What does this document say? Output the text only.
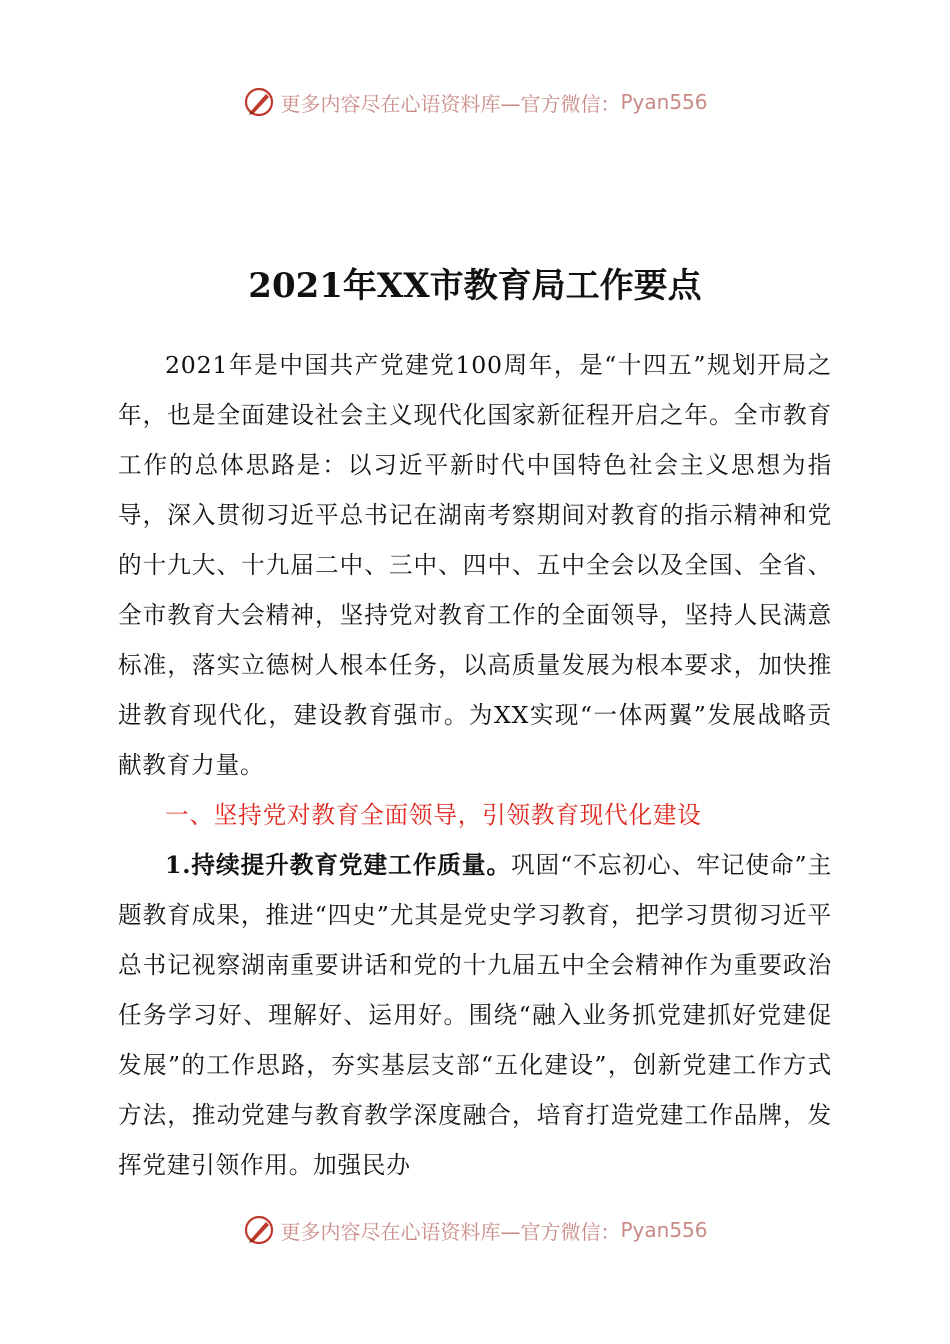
更多内容尽在心语资料库—官方微信： Pyan556
2021年XX市教育局工作要点

2021年是中国共产党建党100周年，是“十四五”规划开局之年，也是全面建设社会主义现代化国家新征程开启之年。全市教育工作的总体思路是：以习近平新时代中国特色社会主义思想为指导，深入贯彻习近平总书记在湖南考察期间对教育的指示精神和党的十九大、十九届二中、三中、四中、五中全会以及全国、全省、全市教育大会精神，坚持党对教育工作的全面领导，坚持人民满意标准，落实立德树人根本任务，以高质量发展为根本要求，加快推进教育现代化，建设教育强市。为XX实现“一体两翼”发展战略贡献教育力量。

一、坚持党对教育全面领导，引领教育现代化建设

1.持续提升教育党建工作质量。巩固“不忘初心、牢记使命”主题教育成果，推进“四史”尤其是党史学习教育，把学习贯彻习近平总书记视察湖南重要讲话和党的十九届五中全会精神作为重要政治任务学习好、理解好、运用好。围绕“融入业务抓党建抓好党建促发展”的工作思路，夯实基层支部“五化建设”，创新党建工作方式方法，推动党建与教育教学深度融合，培育打造党建工作品牌，发挥党建引领作用。加强民办

更多内容尽在心语资料库—官方微信： Pyan556
